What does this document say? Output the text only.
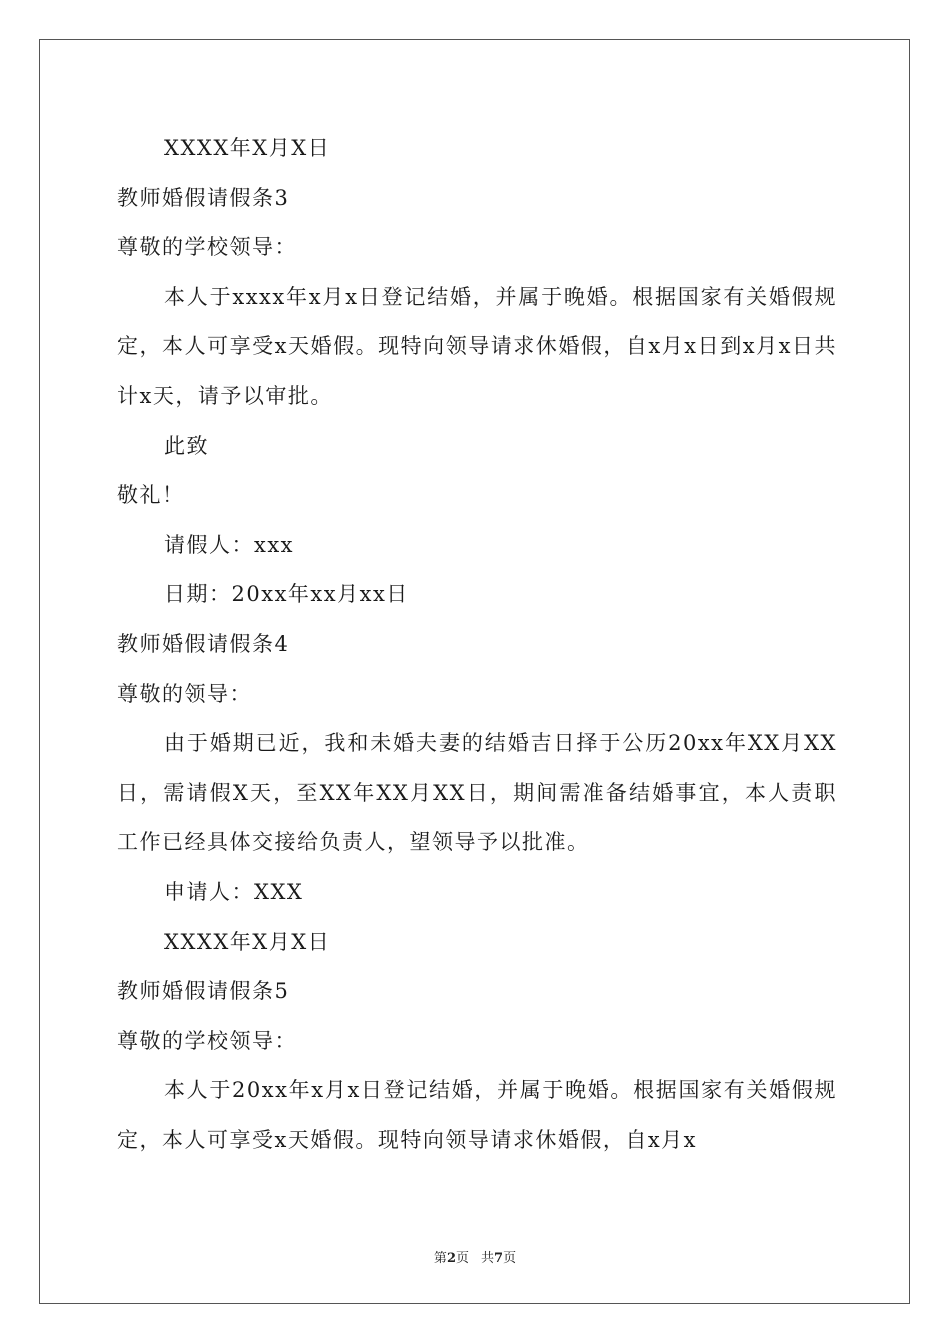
XXXX年X月X日
教师婚假请假条3
尊敬的学校领导：
本人于xxxx年x月x日登记结婚，并属于晚婚。根据国家有关婚假规定，本人可享受x天婚假。现特向领导请求休婚假，自x月x日到x月x日共计x天，请予以审批。
此致
敬礼！
请假人：xxx
日期：20xx年xx月xx日
教师婚假请假条4
尊敬的领导：
由于婚期已近，我和未婚夫妻的结婚吉日择于公历20xx年XX月XX日，需请假X天，至XX年XX月XX日，期间需准备结婚事宜，本人责职工作已经具体交接给负责人，望领导予以批准。
申请人：XXX
XXXX年X月X日
教师婚假请假条5
尊敬的学校领导：
本人于20xx年x月x日登记结婚，并属于晚婚。根据国家有关婚假规定，本人可享受x天婚假。现特向领导请求休婚假，自x月x
第2页 共7页
